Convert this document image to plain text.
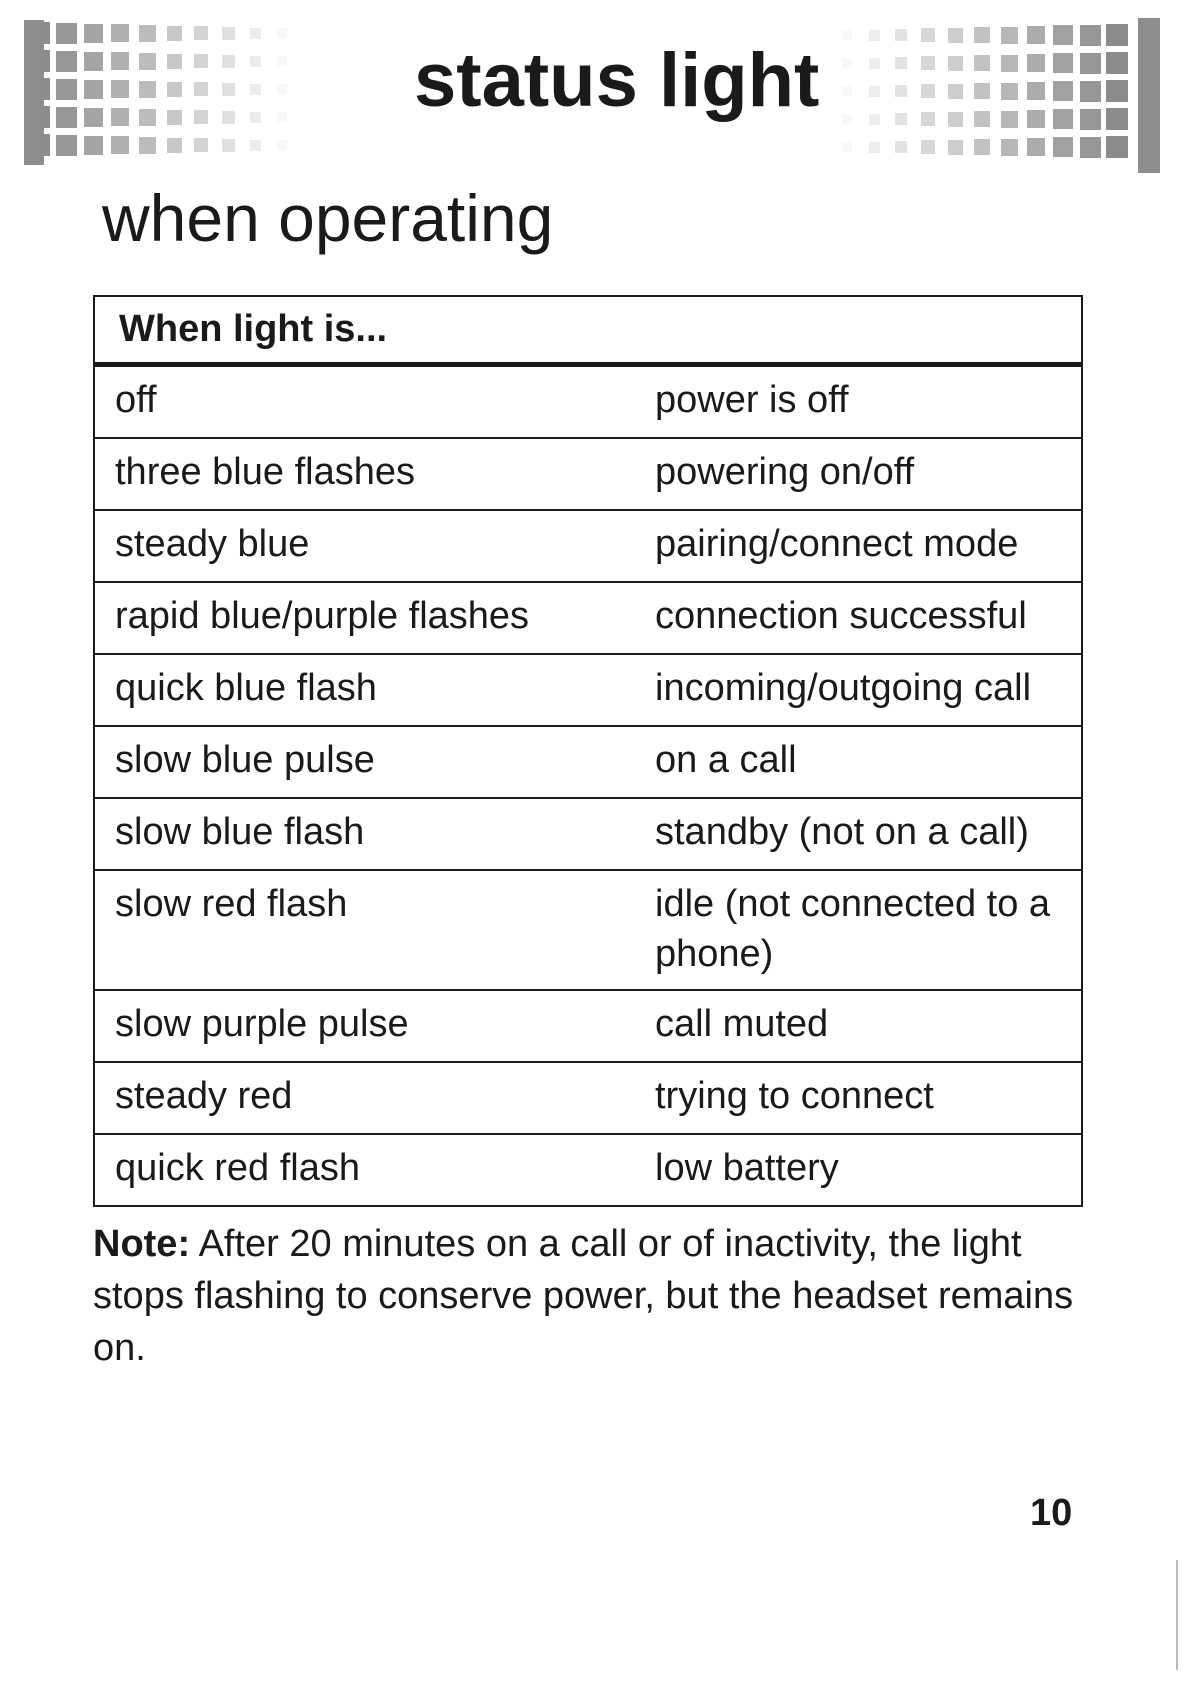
status light
when operating
When light is...	
off	power is off
three blue flashes	powering on/off
steady blue	pairing/connect mode
rapid blue/purple flashes	connection successful
quick blue flash	incoming/outgoing call
slow blue pulse	on a call
slow blue flash	standby (not on a call)
slow red flash	idle (not connected to a phone)
slow purple pulse	call muted
steady red	trying to connect
quick red flash	low battery

Note: After 20 minutes on a call or of inactivity, the light stops flashing to conserve power, but the headset remains on.

10
